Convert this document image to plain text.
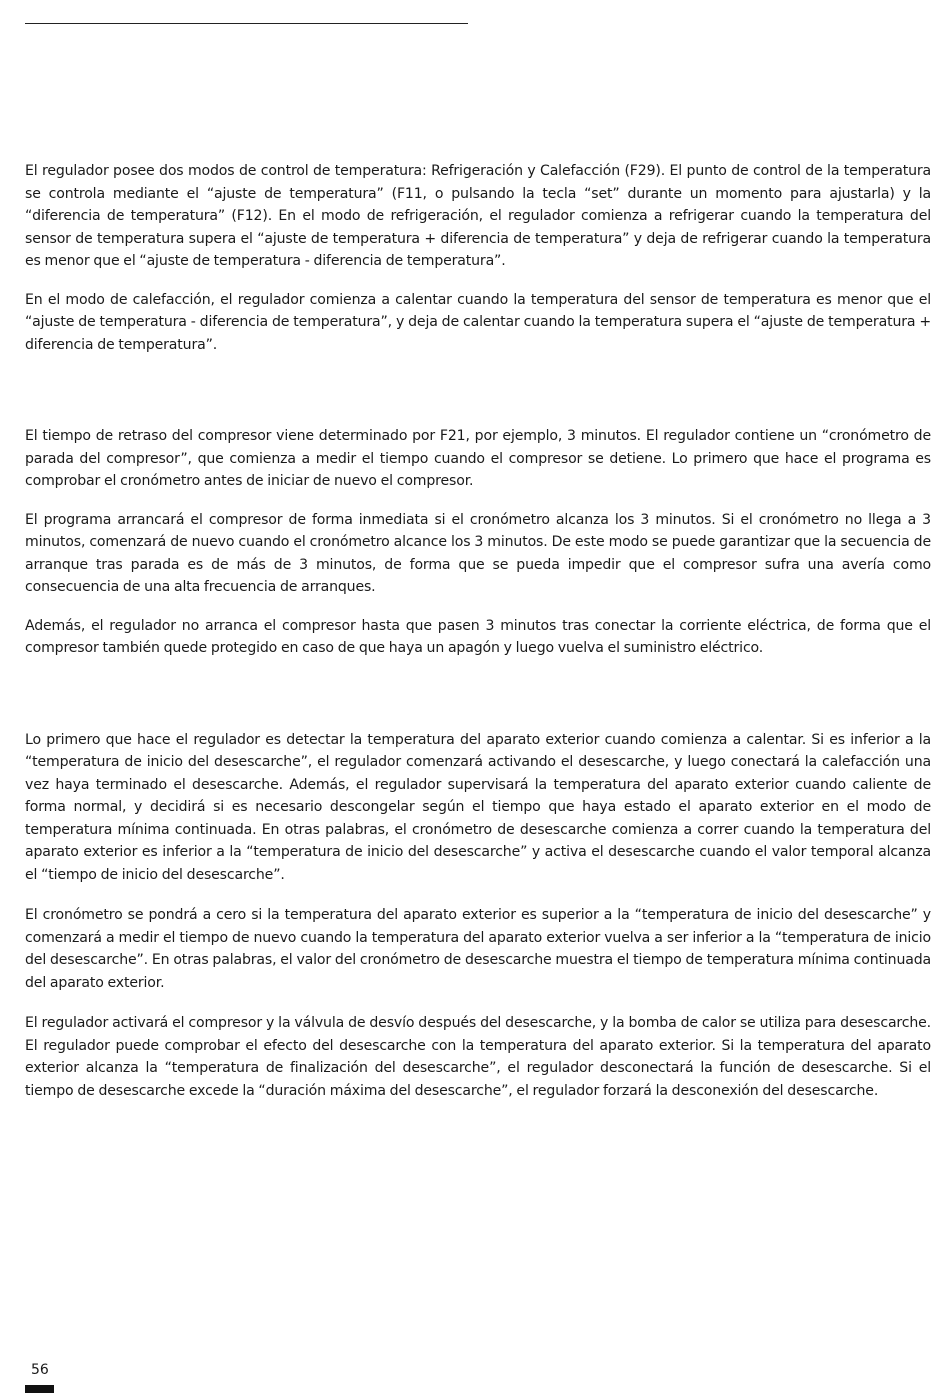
El regulador posee dos modos de control de temperatura: Refrigeración y Calefacción (F29). El punto de control de la temperatura se controla mediante el “ajuste de temperatura” (F11, o pulsando la tecla “set” durante un momento para ajustarla) y la “diferencia de temperatura” (F12). En el modo de refrigeración, el regulador comienza a refrigerar cuando la temperatura del sensor de temperatura supera el “ajuste de temperatura + diferencia de temperatura” y deja de refrigerar cuando la temperatura es menor que el “ajuste de temperatura - diferencia de temperatura”.

En el modo de calefacción, el regulador comienza a calentar cuando la temperatura del sensor de temperatura es menor que el “ajuste de temperatura - diferencia de temperatura”, y deja de calentar cuando la temperatura supera el “ajuste de temperatura + diferencia de temperatura”.

El tiempo de retraso del compresor viene determinado por F21, por ejemplo, 3 minutos. El regulador contiene un “cronómetro de parada del compresor”, que comienza a medir el tiempo cuando el compresor se detiene. Lo primero que hace el programa es comprobar el cronómetro antes de iniciar de nuevo el compresor.

El programa arrancará el compresor de forma inmediata si el cronómetro alcanza los 3 minutos. Si el cronómetro no llega a 3 minutos, comenzará de nuevo cuando el cronómetro alcance los 3 minutos. De este modo se puede garantizar que la secuencia de arranque tras parada es de más de 3 minutos, de forma que se pueda impedir que el compresor sufra una avería como consecuencia de una alta frecuencia de arranques.

Además, el regulador no arranca el compresor hasta que pasen 3 minutos tras conectar la corriente eléctrica, de forma que el compresor también quede protegido en caso de que haya un apagón y luego vuelva el suministro eléctrico.

Lo primero que hace el regulador es detectar la temperatura del aparato exterior cuando comienza a calentar. Si es inferior a la “temperatura de inicio del desescarche”, el regulador comenzará activando el desescarche, y luego conectará la calefacción una vez haya terminado el desescarche. Además, el regulador supervisará la temperatura del aparato exterior cuando caliente de forma normal, y decidirá si es necesario descongelar según el tiempo que haya estado el aparato exterior en el modo de temperatura mínima continuada. En otras palabras, el cronómetro de desescarche comienza a correr cuando la temperatura del aparato exterior es inferior a la “temperatura de inicio del desescarche” y activa el desescarche cuando el valor temporal alcanza el “tiempo de inicio del desescarche”.

El cronómetro se pondrá a cero si la temperatura del aparato exterior es superior a la “temperatura de inicio del desescarche” y comenzará a medir el tiempo de nuevo cuando la temperatura del aparato exterior vuelva a ser inferior a la “temperatura de inicio del desescarche”. En otras palabras, el valor del cronómetro de desescarche muestra el tiempo de temperatura mínima continuada del aparato exterior.

El regulador activará el compresor y la válvula de desvío después del desescarche, y la bomba de calor se utiliza para desescarche. El regulador puede comprobar el efecto del desescarche con la temperatura del aparato exterior. Si la temperatura del aparato exterior alcanza la “temperatura de finalización del desescarche”, el regulador desconectará la función de desescarche. Si el tiempo de desescarche excede la “duración máxima del desescarche”, el regulador forzará la desconexión del desescarche.

56
